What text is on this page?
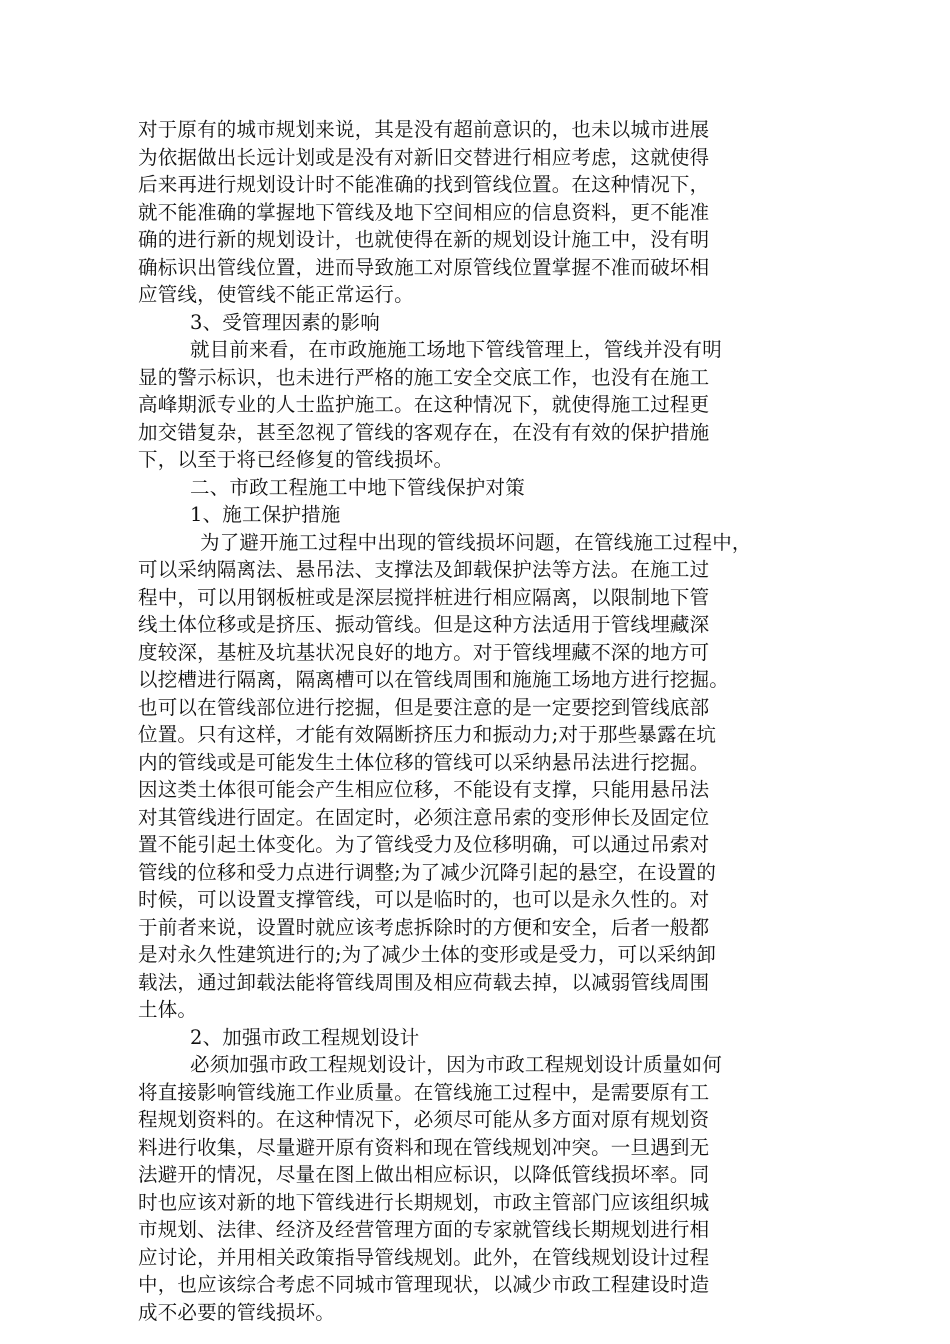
对于原有的城市规划来说，其是没有超前意识的，也未以城市进展
为依据做出长远计划或是没有对新旧交替进行相应考虑，这就使得
后来再进行规划设计时不能准确的找到管线位置。在这种情况下，
就不能准确的掌握地下管线及地下空间相应的信息资料，更不能准
确的进行新的规划设计，也就使得在新的规划设计施工中，没有明
确标识出管线位置，进而导致施工对原管线位置掌握不准而破坏相
应管线，使管线不能正常运行。
3、受管理因素的影响
就目前来看，在市政施施工场地下管线管理上，管线并没有明
显的警示标识，也未进行严格的施工安全交底工作，也没有在施工
高峰期派专业的人士监护施工。在这种情况下，就使得施工过程更
加交错复杂，甚至忽视了管线的客观存在，在没有有效的保护措施
下，以至于将已经修复的管线损坏。
二、市政工程施工中地下管线保护对策
1、施工保护措施
为了避开施工过程中出现的管线损坏问题，在管线施工过程中，
可以采纳隔离法、悬吊法、支撑法及卸载保护法等方法。在施工过
程中，可以用钢板桩或是深层搅拌桩进行相应隔离，以限制地下管
线土体位移或是挤压、振动管线。但是这种方法适用于管线埋藏深
度较深，基桩及坑基状况良好的地方。对于管线埋藏不深的地方可
以挖槽进行隔离，隔离槽可以在管线周围和施施工场地方进行挖掘。
也可以在管线部位进行挖掘，但是要注意的是一定要挖到管线底部
位置。只有这样，才能有效隔断挤压力和振动力;对于那些暴露在坑
内的管线或是可能发生土体位移的管线可以采纳悬吊法进行挖掘。
因这类土体很可能会产生相应位移，不能设有支撑，只能用悬吊法
对其管线进行固定。在固定时，必须注意吊索的变形伸长及固定位
置不能引起土体变化。为了管线受力及位移明确，可以通过吊索对
管线的位移和受力点进行调整;为了减少沉降引起的悬空，在设置的
时候，可以设置支撑管线，可以是临时的，也可以是永久性的。对
于前者来说，设置时就应该考虑拆除时的方便和安全，后者一般都
是对永久性建筑进行的;为了减少土体的变形或是受力，可以采纳卸
载法，通过卸载法能将管线周围及相应荷载去掉，以减弱管线周围
土体。
2、加强市政工程规划设计
必须加强市政工程规划设计，因为市政工程规划设计质量如何
将直接影响管线施工作业质量。在管线施工过程中，是需要原有工
程规划资料的。在这种情况下，必须尽可能从多方面对原有规划资
料进行收集，尽量避开原有资料和现在管线规划冲突。一旦遇到无
法避开的情况，尽量在图上做出相应标识，以降低管线损坏率。同
时也应该对新的地下管线进行长期规划，市政主管部门应该组织城
市规划、法律、经济及经营管理方面的专家就管线长期规划进行相
应讨论，并用相关政策指导管线规划。此外，在管线规划设计过程
中，也应该综合考虑不同城市管理现状，以减少市政工程建设时造
成不必要的管线损坏。
